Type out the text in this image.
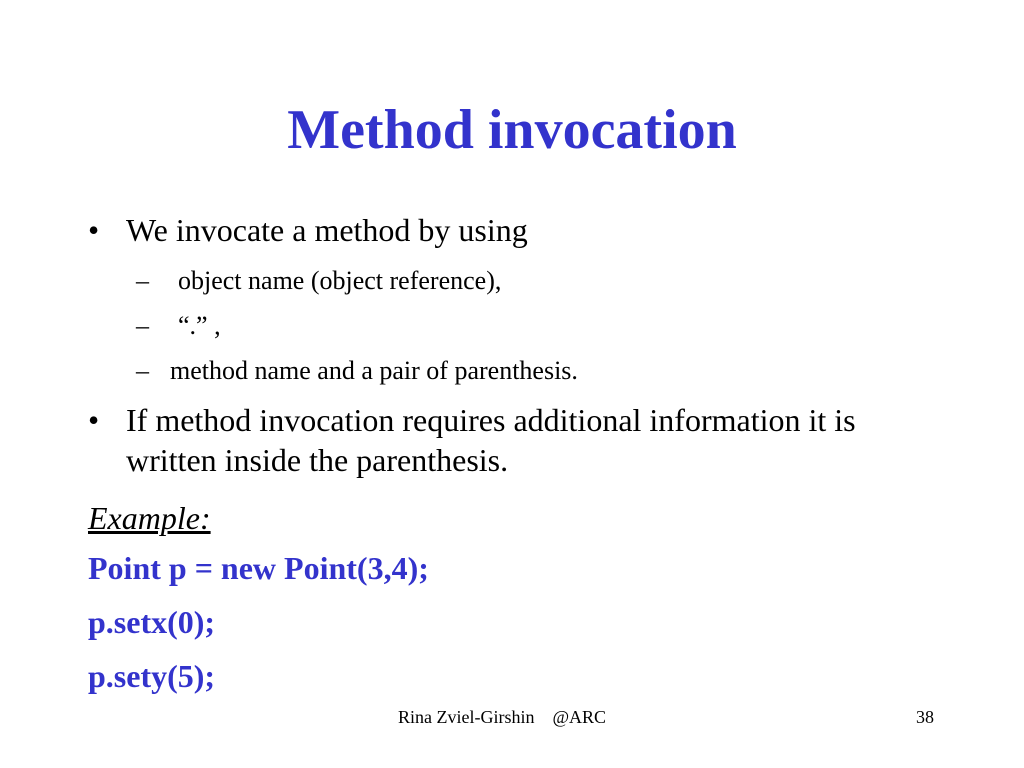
Method invocation
• We invocate a method by using
–	object name (object reference),
–	“.” ,
– method name and a pair of parenthesis.
• If method invocation requires additional information it is written inside the parenthesis.
Example:
Point p = new Point(3,4);
p.setx(0);
p.sety(5);
Rina Zviel-Girshin    @ARC	38
